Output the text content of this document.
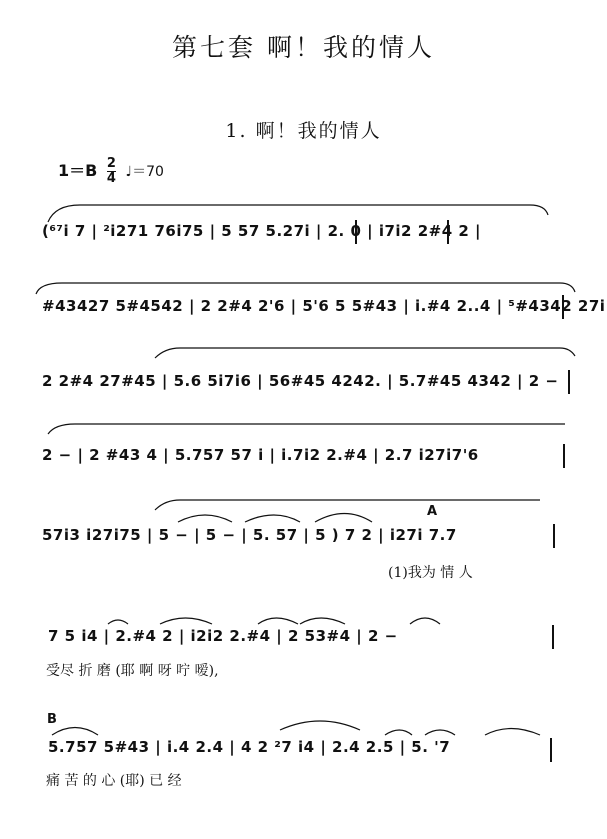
第七套 啊！我的情人
1. 啊！我的情人
$1=B \frac{2}{4}$ ♩＝70
(⁶⁷i 7 | ²i271 76i75 | 5 57 5.27i | 2. 0 | i7i2 2#4 2 |
#43427 5#4542 | 2 2#4 2'6 | 5'6 5 5#43 | i.#4 2..4 | ⁵#4342 27i
2 2#4 27#45 | 5.6 5i7i6 | 56#45 4242. | 5.7#45 4342 | 2 −
2 − | 2 #43 4 | 5.757 57 i | i.7i2 2.#4 | 2.7 i27i7'6
A
57i3 i27i75 | 5 − | 5 − | 5. 57 | 5 ) 7 2 | i27i 7.7
(1)我为 情 人
7 5 i4 | 2.#4 2 | i2i2 2.#4 | 2 53#4 | 2 −
受尽 折 磨 (耶 啊 呀 咛 嗳),
B
5.757 5#43 | i.4 2.4 | 4 2 ²7 i4 | 2.4 2.5 | 5. '7
痛 苦 的 心 (耶) 已 经
